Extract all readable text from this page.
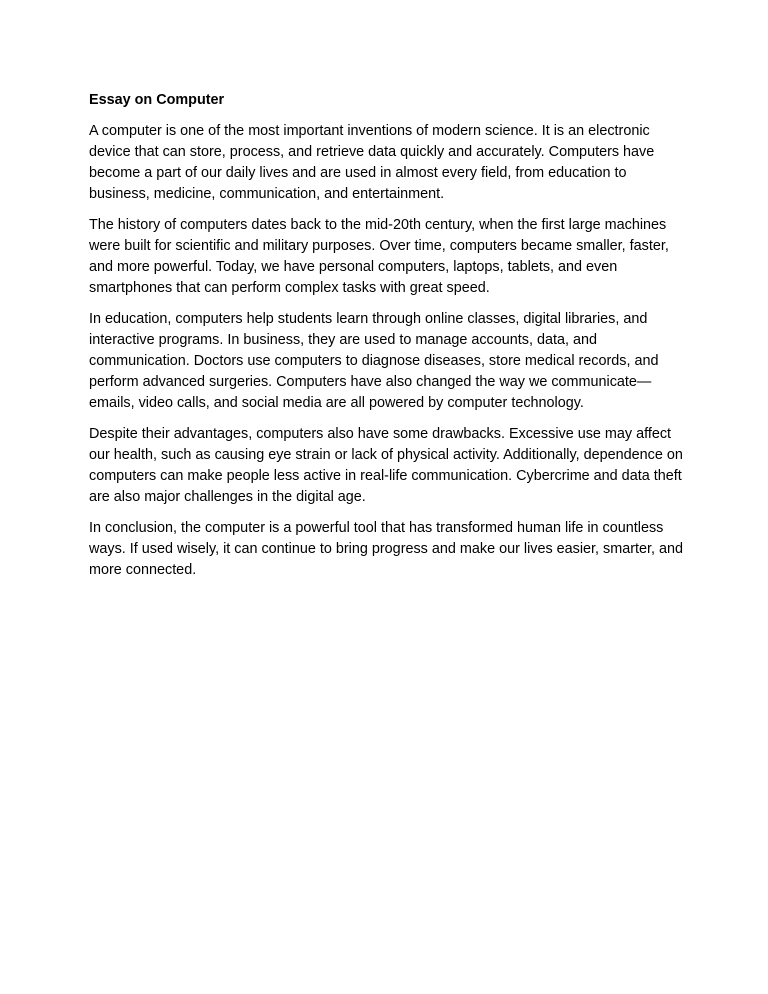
Essay on Computer

A computer is one of the most important inventions of modern science. It is an electronic device that can store, process, and retrieve data quickly and accurately. Computers have become a part of our daily lives and are used in almost every field, from education to business, medicine, communication, and entertainment.

The history of computers dates back to the mid-20th century, when the first large machines were built for scientific and military purposes. Over time, computers became smaller, faster, and more powerful. Today, we have personal computers, laptops, tablets, and even smartphones that can perform complex tasks with great speed.

In education, computers help students learn through online classes, digital libraries, and interactive programs. In business, they are used to manage accounts, data, and communication. Doctors use computers to diagnose diseases, store medical records, and perform advanced surgeries. Computers have also changed the way we communicate—emails, video calls, and social media are all powered by computer technology.

Despite their advantages, computers also have some drawbacks. Excessive use may affect our health, such as causing eye strain or lack of physical activity. Additionally, dependence on computers can make people less active in real-life communication. Cybercrime and data theft are also major challenges in the digital age.

In conclusion, the computer is a powerful tool that has transformed human life in countless ways. If used wisely, it can continue to bring progress and make our lives easier, smarter, and more connected.
